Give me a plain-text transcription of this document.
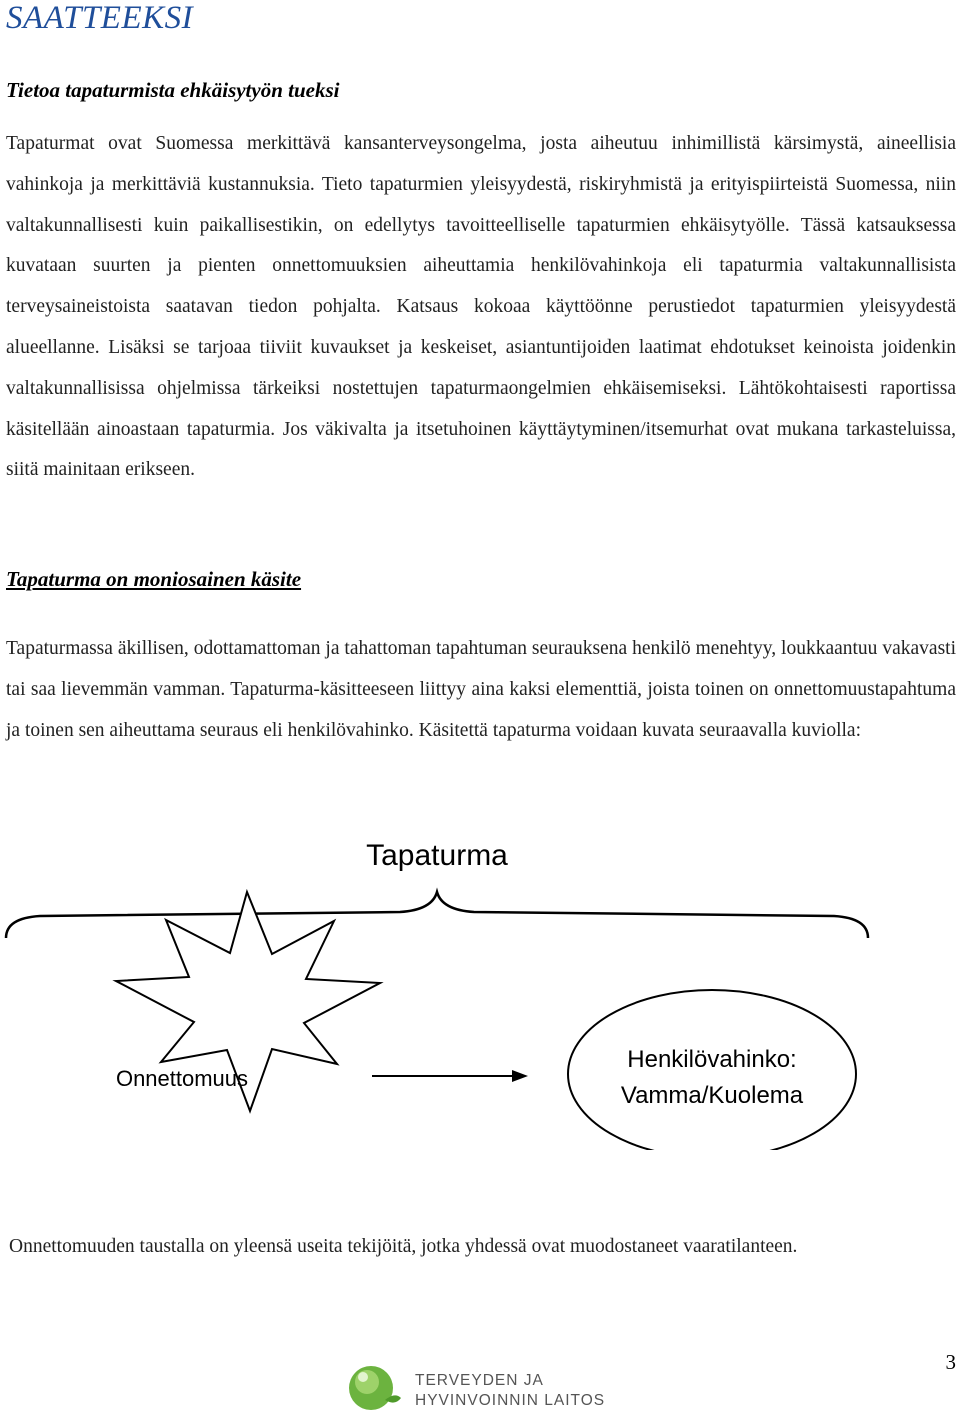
SAATTEEKSI
Tietoa tapaturmista ehkäisytyön tueksi

Tapaturmat ovat Suomessa merkittävä kansanterveysongelma, josta aiheutuu inhimillistä kärsimystä, aineellisia vahinkoja ja merkittäviä kustannuksia. Tieto tapaturmien yleisyydestä, riskiryhmistä ja erityispiirteistä Suomessa, niin valtakunnallisesti kuin paikallisestikin, on edellytys tavoitteelliselle tapaturmien ehkäisytyölle. Tässä katsauksessa kuvataan suurten ja pienten onnettomuuksien aiheuttamia henkilövahinkoja eli tapaturmia valtakunnallisista terveysaineistoista saatavan tiedon pohjalta. Katsaus kokoaa käyttöönne perustiedot tapaturmien yleisyydestä alueellanne. Lisäksi se tarjoaa tiiviit kuvaukset ja keskeiset, asiantuntijoiden laatimat ehdotukset keinoista joidenkin valtakunnallisissa ohjelmissa tärkeiksi nostettujen tapaturmaongelmien ehkäisemiseksi. Lähtökohtaisesti raportissa käsitellään ainoastaan tapaturmia. Jos väkivalta ja itsetuhoinen käyttäytyminen/itsemurhat ovat mukana tarkasteluissa, siitä mainitaan erikseen.

Tapaturma on moniosainen käsite

Tapaturmassa äkillisen, odottamattoman ja tahattoman tapahtuman seurauksena henkilö menehtyy, loukkaantuu vakavasti tai saa lievemmän vamman. Tapaturma-käsitteeseen liittyy aina kaksi elementtiä, joista toinen on onnettomuustapahtuma ja toinen sen aiheuttama seuraus eli henkilövahinko. Käsitettä tapaturma voidaan kuvata seuraavalla kuviolla:

Tapaturma
Onnettomuus
Henkilövahinko:
Vamma/Kuolema

Onnettomuuden taustalla on yleensä useita tekijöitä, jotka yhdessä ovat muodostaneet vaaratilanteen.

3
TERVEYDEN JA
HYVINVOINNIN LAITOS
